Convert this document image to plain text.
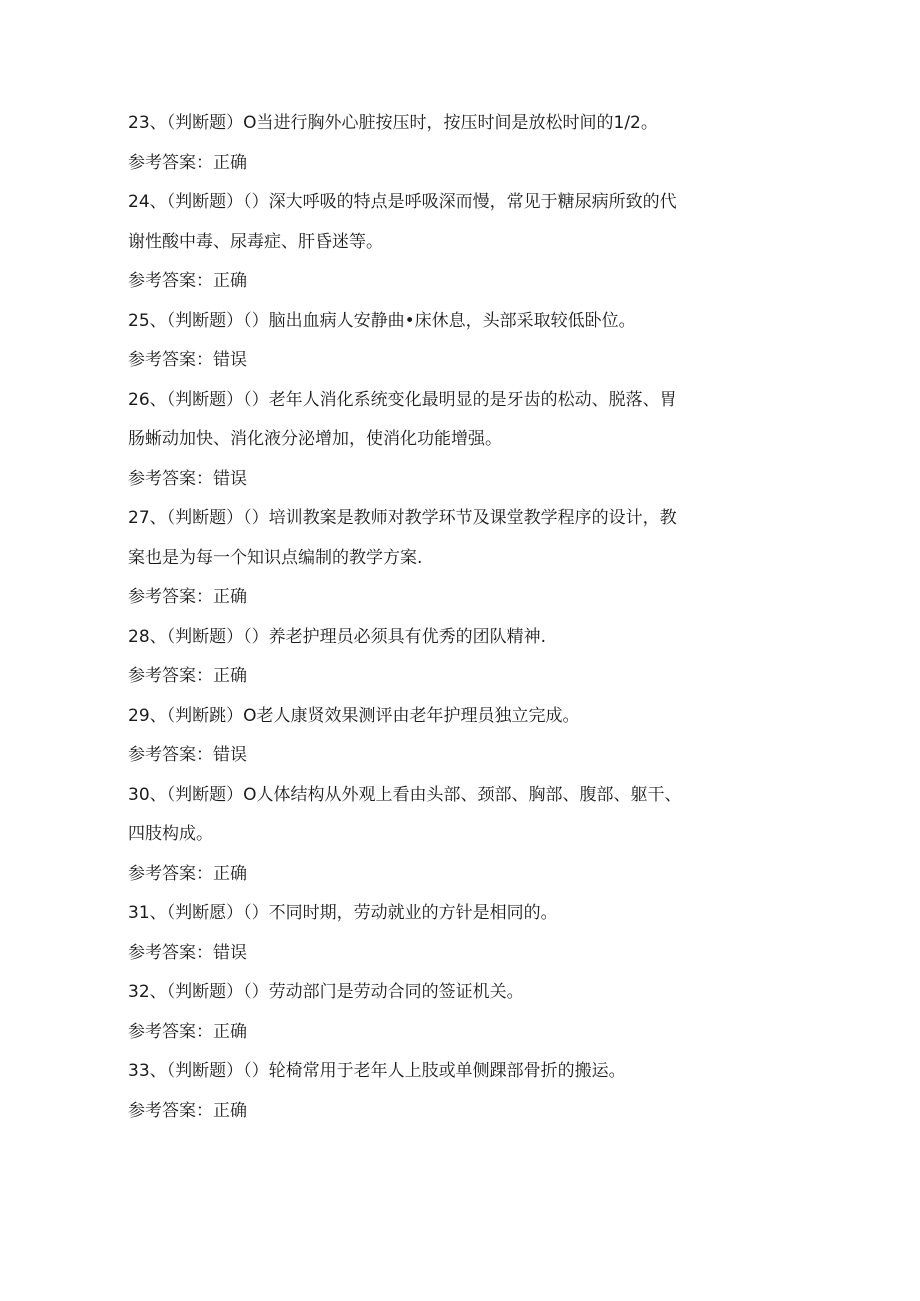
23、（判断题）O当进行胸外心脏按压时，按压时间是放松时间的1/2。

参考答案：正确

24、（判断题）（）深大呼吸的特点是呼吸深而慢，常见于糖尿病所致的代

谢性酸中毒、尿毒症、肝昏迷等。

参考答案：正确

25、（判断题）（）脑出血病人安静曲•床休息，头部采取较低卧位。

参考答案：错误

26、（判断题）（）老年人消化系统变化最明显的是牙齿的松动、脱落、胃

肠蜥动加快、消化液分泌增加，使消化功能增强。

参考答案：错误

27、（判断题）（）培训教案是教师对教学环节及课堂教学程序的设计，教

案也是为每一个知识点编制的教学方案.

参考答案：正确

28、（判断题）（）养老护理员必须具有优秀的团队精神.

参考答案：正确

29、（判断跳）O老人康贤效果测评由老年护理员独立完成。

参考答案：错误

30、（判断题）O人体结构从外观上看由头部、颈部、胸部、腹部、躯干、

四肢构成。

参考答案：正确

31、（判断愿）（）不同时期，劳动就业的方针是相同的。

参考答案：错误

32、（判断题）（）劳动部门是劳动合同的签证机关。

参考答案：正确

33、（判断题）（）轮椅常用于老年人上肢或单侧踝部骨折的搬运。

参考答案：正确
